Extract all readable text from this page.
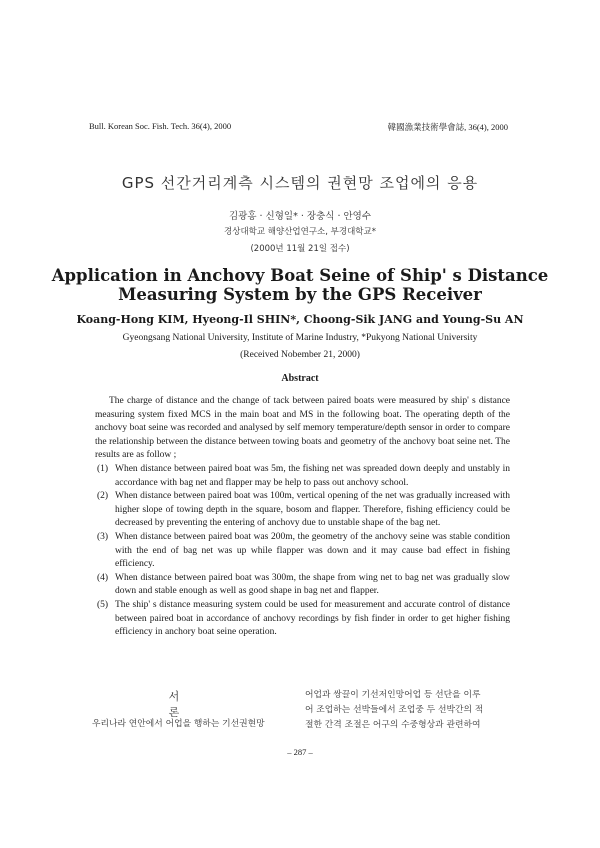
Bull. Korean Soc. Fish. Tech. 36(4), 2000	韓國漁業技術學會誌, 36(4), 2000
GPS 선간거리계측 시스템의 권현망 조업에의 응용
김광홍 · 신형일* · 장충식 · 안영수
경상대학교 해양산업연구소, 부경대학교*
(2000년 11월 21일 접수)
Application in Anchovy Boat Seine of Ship' s Distance
Measuring System by the GPS Receiver
Koang-Hong KIM, Hyeong-Il SHIN*, Choong-Sik JANG and Young-Su AN
Gyeongsang National University, Institute of Marine Industry, *Pukyong National University
(Received Nobember 21, 2000)
Abstract

The charge of distance and the change of tack between paired boats were measured by ship' s distance measuring system fixed MCS in the main boat and MS in the following boat. The operating depth of the anchovy boat seine was recorded and analysed by self memory temperature/depth sensor in order to compare the relationship between the distance between towing boats and geometry of the anchovy boat seine net. The results are as follow ;

(1) When distance between paired boat was 5m, the fishing net was spreaded down deeply and unstably in accordance with bag net and flapper may be help to pass out anchovy school.
(2) When distance between paired boat was 100m, vertical opening of the net was gradually increased with higher slope of towing depth in the square, bosom and flapper. Therefore, fishing efficiency could be decreased by preventing the entering of anchovy due to unstable shape of the bag net.
(3) When distance between paired boat was 200m, the geometry of the anchovy seine was stable condition with the end of bag net was up while flapper was down and it may cause bad effect in fishing efficiency.
(4) When distance between paired boat was 300m, the shape from wing net to bag net was gradually slow down and stable enough as well as good shape in bag net and flapper.
(5) The ship' s distance measuring system could be used for measurement and accurate control of distance between paired boat in accordance of anchovy recordings by fish finder in order to get higher fishing efficiency in anchory boat seine operation.
서 론
우리나라 연안에서 어업을 행하는 기선권현망
어업과 쌍끌이 기선저인망어업 등 선단을 이루
어 조업하는 선박들에서 조업중 두 선박간의 적
절한 간격 조절은 어구의 수중형상과 관련하여
– 287 –
